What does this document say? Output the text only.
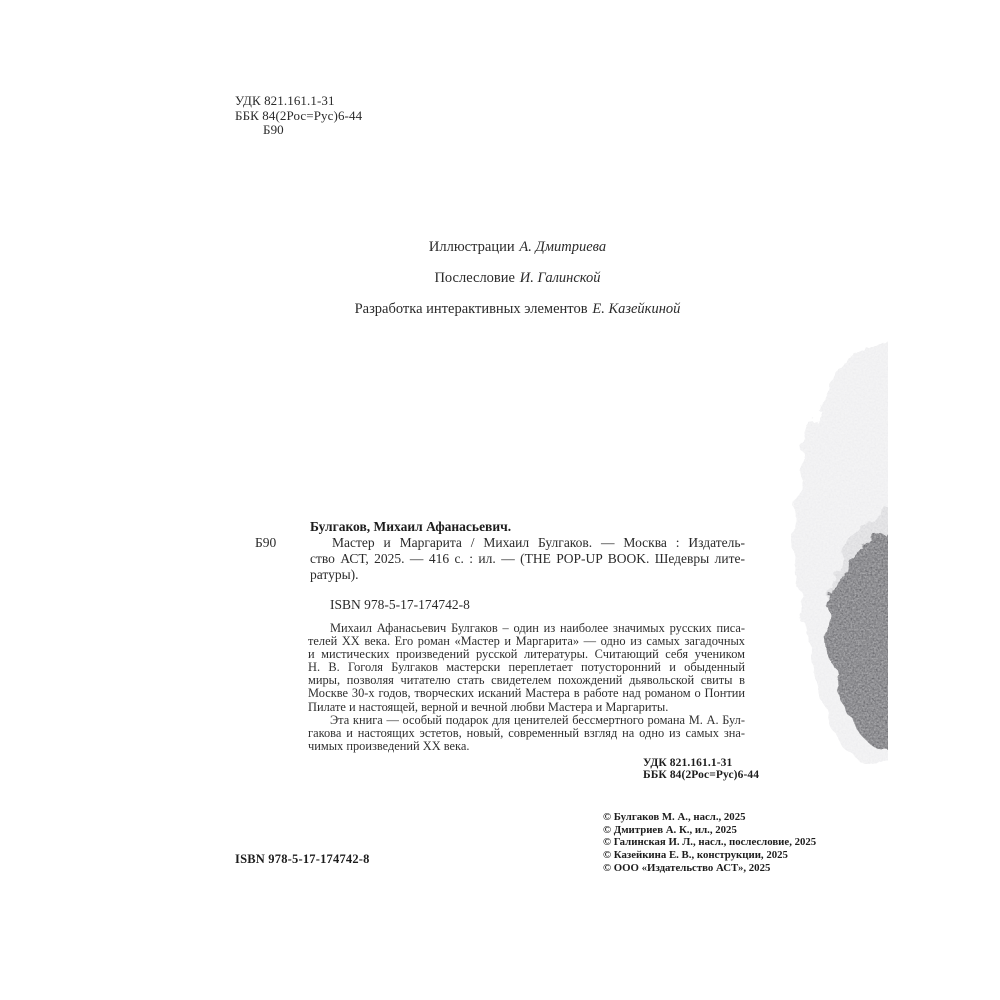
УДК 821.161.1-31
ББК 84(2Рос=Рус)6-44
Б90
Иллюстрации А. Дмитриева
Послесловие И. Галинской
Разработка интерактивных элементов Е. Казейкиной
Б90
Булгаков, Михаил Афанасьевич.
Мастер и Маргарита / Михаил Булгаков. — Москва : Издатель-
ство АСТ, 2025. — 416 с. : ил. — (THE POP-UP BOOK. Шедевры лите-
ратуры).
ISBN 978-5-17-174742-8
Михаил Афанасьевич Булгаков – один из наиболее значимых русских писа-
телей XX века. Его роман «Мастер и Маргарита» — одно из самых загадочных
и мистических произведений русской литературы. Считающий себя учеником
Н. В. Гоголя Булгаков мастерски переплетает потусторонний и обыденный
миры, позволяя читателю стать свидетелем похождений дьявольской свиты в
Москве 30-х годов, творческих исканий Мастера в работе над романом о Понтии
Пилате и настоящей, верной и вечной любви Мастера и Маргариты.
Эта книга — особый подарок для ценителей бессмертного романа М. А. Бул-
гакова и настоящих эстетов, новый, современный взгляд на одно из самых зна-
чимых произведений XX века.
УДК 821.161.1-31
ББК 84(2Рос=Рус)6-44
© Булгаков М. А., насл., 2025
© Дмитриев А. К., ил., 2025
© Галинская И. Л., насл., послесловие, 2025
© Казейкина Е. В., конструкции, 2025
© ООО «Издательство АСТ», 2025
ISBN 978-5-17-174742-8
